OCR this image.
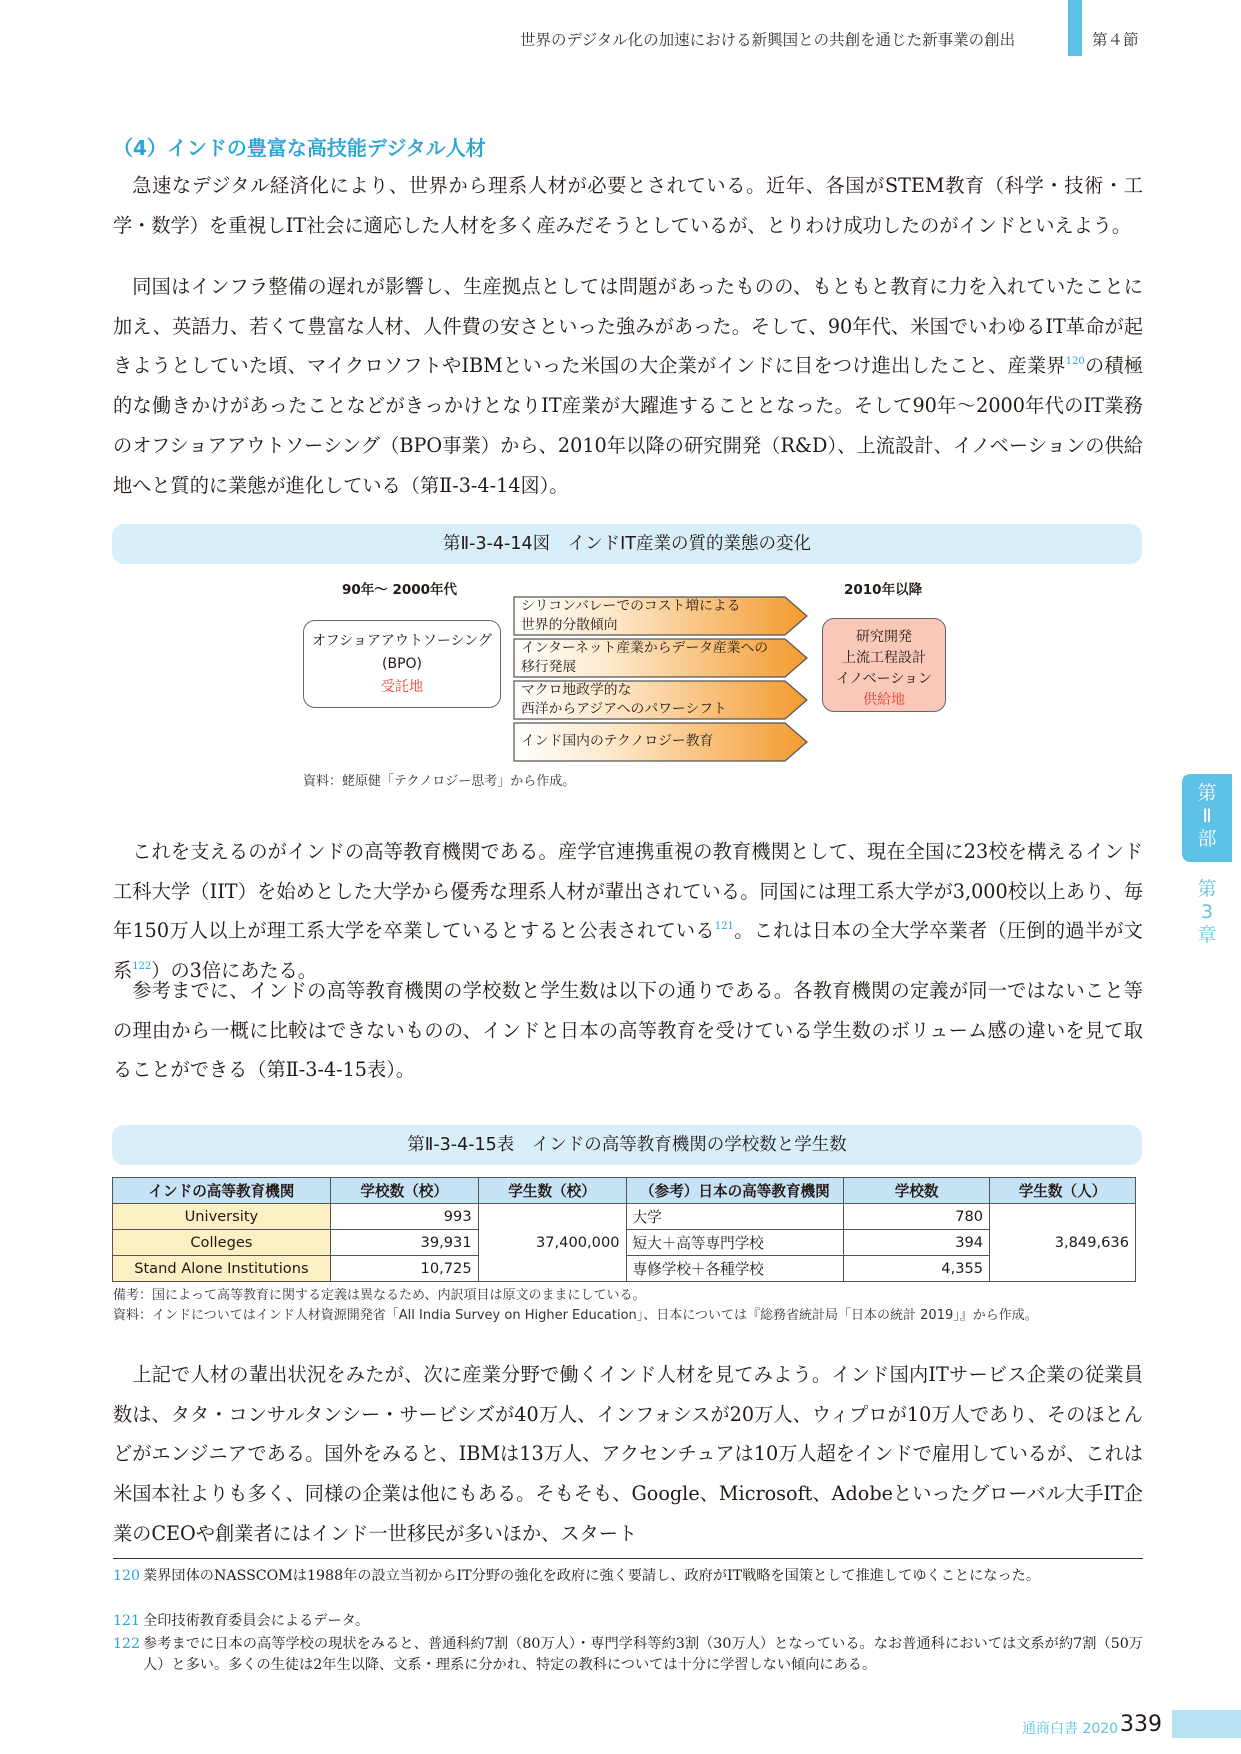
世界のデジタル化の加速における新興国との共創を通じた新事業の創出	第４節
（4）インドの豊富な高技能デジタル人材

急速なデジタル経済化により、世界から理系人材が必要とされている。近年、各国がSTEM教育（科学・技術・工学・数学）を重視しIT社会に適応した人材を多く産みだそうとしているが、とりわけ成功したのがインドといえよう。

同国はインフラ整備の遅れが影響し、生産拠点としては問題があったものの、もともと教育に力を入れていたことに加え、英語力、若くて豊富な人材、人件費の安さといった強みがあった。そして、90年代、米国でいわゆるIT革命が起きようとしていた頃、マイクロソフトやIBMといった米国の大企業がインドに目をつけ進出したこと、産業界$^{120}$の積極的な働きかけがあったことなどがきっかけとなりIT産業が大躍進することとなった。そして90年～2000年代のIT業務のオフショアアウトソーシング（BPO事業）から、2010年以降の研究開発（R&D）、上流設計、イノベーションの供給地へと質的に業態が進化している（第Ⅱ-3-4-14図）。

第Ⅱ-3-4-14図　インドIT産業の質的業態の変化
90年～ 2000年代	2010年以降
オフショアアウトソーシング
(BPO)
受託地
シリコンバレーでのコスト増による
世界的分散傾向
インターネット産業からデータ産業への
移行発展
マクロ地政学的な
西洋からアジアへのパワーシフト
インド国内のテクノロジー教育
研究開発
上流工程設計
イノベーション
供給地
資料：蛯原健「テクノロジー思考」から作成。

これを支えるのがインドの高等教育機関である。産学官連携重視の教育機関として、現在全国に23校を構えるインド工科大学（IIT）を始めとした大学から優秀な理系人材が輩出されている。同国には理工系大学が3,000校以上あり、毎年150万人以上が理工系大学を卒業しているとすると公表されている$^{121}$。これは日本の全大学卒業者（圧倒的過半が文系$^{122}$）の3倍にあたる。

参考までに、インドの高等教育機関の学校数と学生数は以下の通りである。各教育機関の定義が同一ではないこと等の理由から一概に比較はできないものの、インドと日本の高等教育を受けている学生数のボリューム感の違いを見て取ることができる（第Ⅱ-3-4-15表）。

第Ⅱ-3-4-15表　インドの高等教育機関の学校数と学生数
インドの高等教育機関	学校数（校）	学生数（校）	（参考）日本の高等教育機関	学校数	学生数（人）
University	993	37,400,000	大学	780	3,849,636
Colleges	39,931		短大＋高等専門学校	394	
Stand Alone Institutions	10,725		専修学校＋各種学校	4,355	
備考：国によって高等教育に関する定義は異なるため、内訳項目は原文のままにしている。
資料：インドについてはインド人材資源開発省「All India Survey on Higher Education」、日本については『総務省統計局「日本の統計 2019」』から作成。

上記で人材の輩出状況をみたが、次に産業分野で働くインド人材を見てみよう。インド国内ITサービス企業の従業員数は、タタ・コンサルタンシー・サービシズが40万人、インフォシスが20万人、ウィプロが10万人であり、そのほとんどがエンジニアである。国外をみると、IBMは13万人、アクセンチュアは10万人超をインドで雇用しているが、これは米国本社よりも多く、同様の企業は他にもある。そもそも、Google、Microsoft、Adobeといったグローバル大手IT企業のCEOや創業者にはインド一世移民が多いほか、スタート

120 業界団体のNASSCOMは1988年の設立当初からIT分野の強化を政府に強く要請し、政府がIT戦略を国策として推進してゆくことになった。

121 全印技術教育委員会によるデータ。

122 参考までに日本の高等学校の現状をみると、普通科約7割（80万人）・専門学科等約3割（30万人）となっている。なお普通科においては文系が約7割（50万人）と多い。多くの生徒は2年生以降、文系・理系に分かれ、特定の教科については十分に学習しない傾向にある。

第
Ⅱ
部
第
3
章
通商白書 2020 339
